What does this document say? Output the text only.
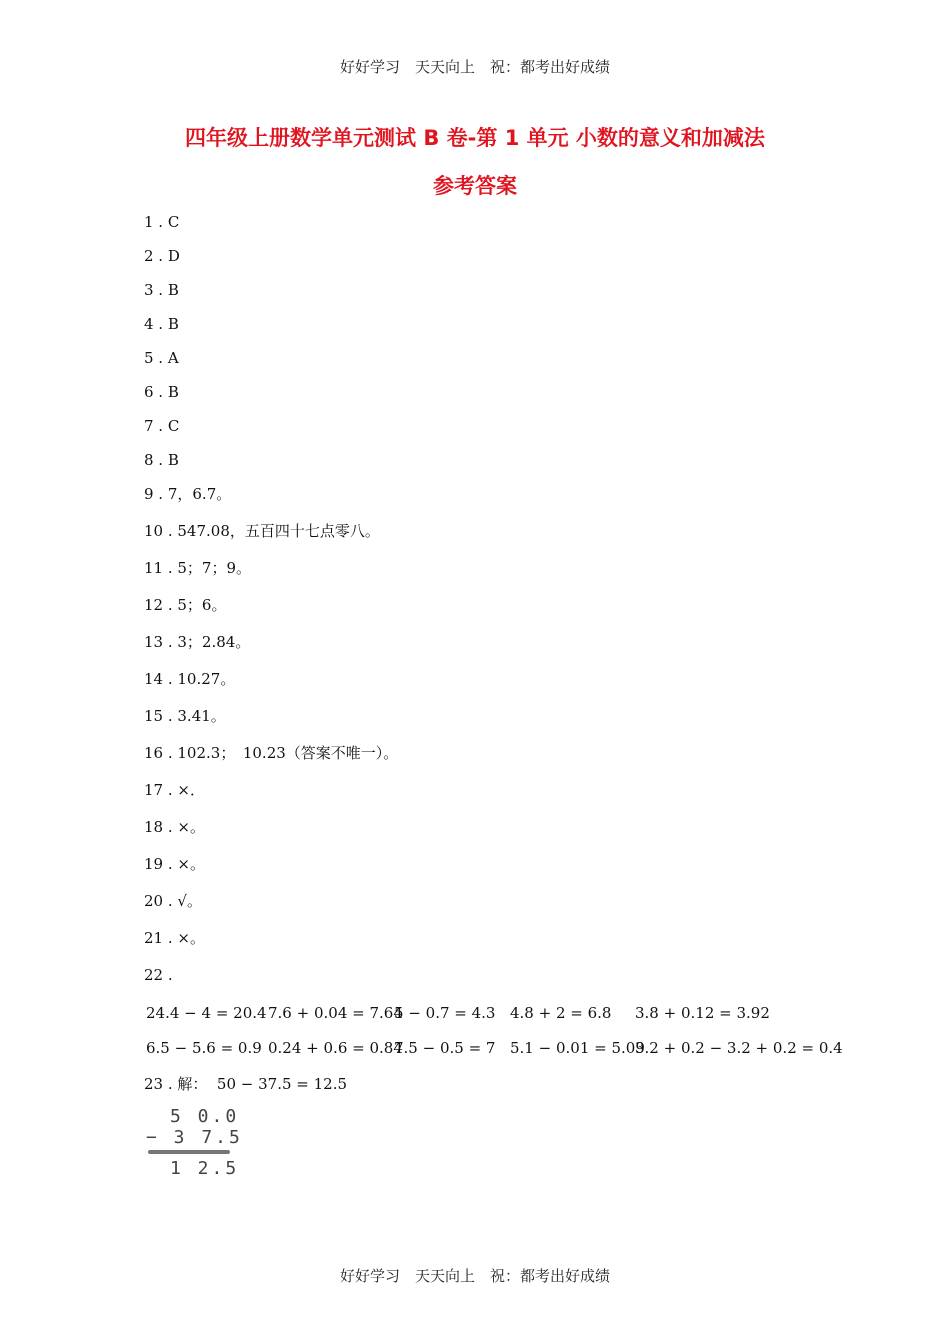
好好学习　天天向上　祝：都考出好成绩
四年级上册数学单元测试 B 卷-第 1 单元 小数的意义和加减法
参考答案
1 . C
2 . D
3 . B
4 . B
5 . A
6 . B
7 . C
8 . B
9 . 7，6.7。
10 . 547.08，五百四十七点零八。
11 . 5；7；9。
12 . 5；6。
13 . 3；2.84。
14 . 10.27。
15 . 3.41。
16 . 102.3；　10.23（答案不唯一）。
17 . ×．
18 . ×。
19 . ×。
20 . √。
21 . ×。
22 .
24.4 − 4 = 20.4 7.6 + 0.04 = 7.64
5 − 0.7 = 4.3 4.8 + 2 = 6.8 3.8 + 0.12 = 3.92
6.5 − 5.6 = 0.9 0.24 + 0.6 = 0.84
7.5 − 0.5 = 7 5.1 − 0.01 = 5.09
3.2 + 0.2 − 3.2 + 0.2 = 0.4
23 . 解：  50 − 37.5 = 12.5
5 0.0
− 3 7.5
1 2.5
好好学习　天天向上　祝：都考出好成绩
